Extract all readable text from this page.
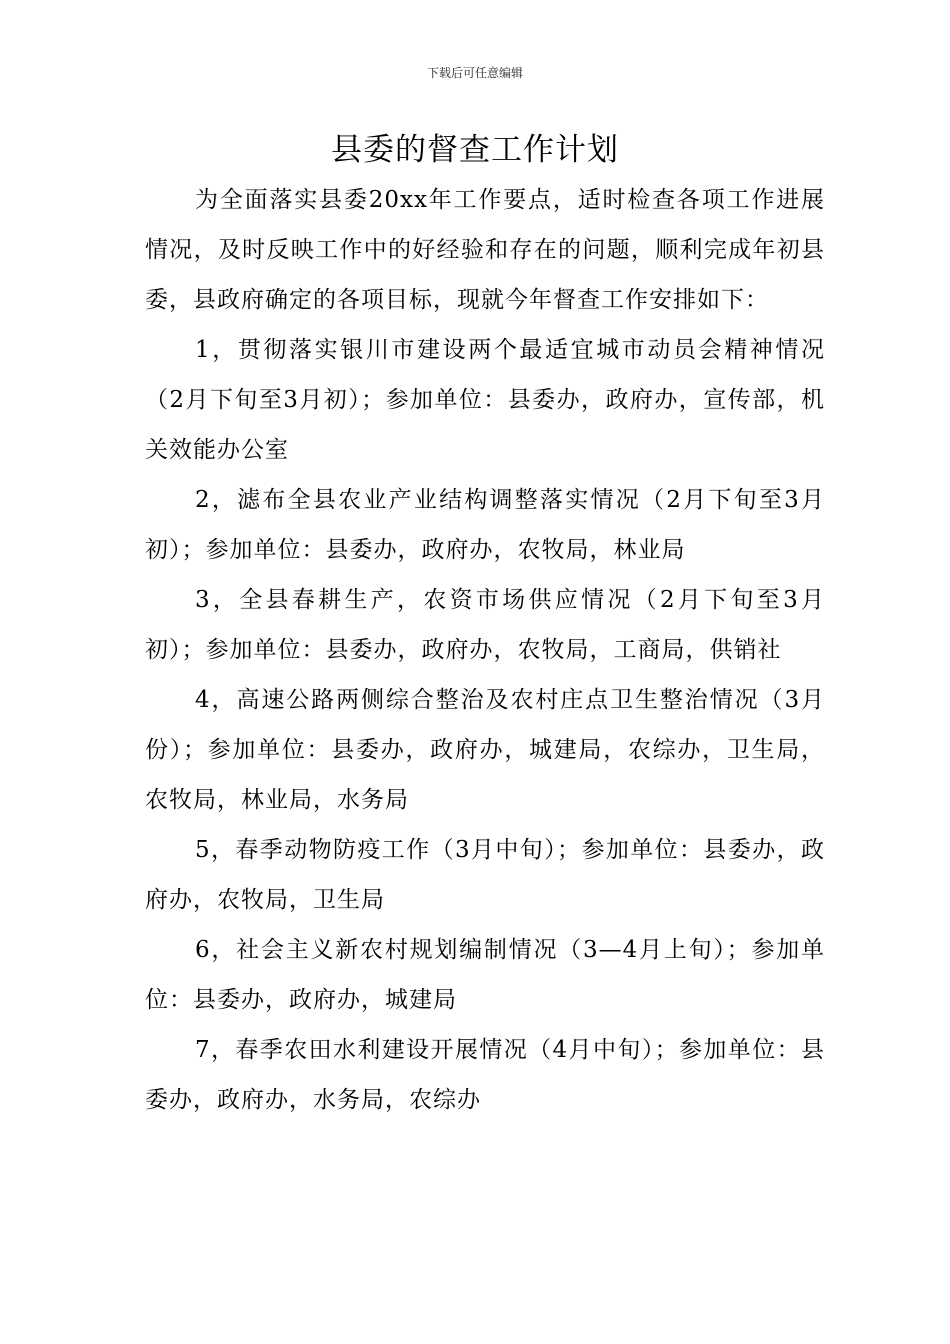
下载后可任意编辑
县委的督查工作计划

为全面落实县委20xx年工作要点，适时检查各项工作进展情况，及时反映工作中的好经验和存在的问题，顺利完成年初县委，县政府确定的各项目标，现就今年督查工作安排如下：

1，贯彻落实银川市建设两个最适宜城市动员会精神情况（2月下旬至3月初）；参加单位：县委办，政府办，宣传部，机关效能办公室

2，滤布全县农业产业结构调整落实情况（2月下旬至3月初）；参加单位：县委办，政府办，农牧局，林业局

3，全县春耕生产，农资市场供应情况（2月下旬至3月初）；参加单位：县委办，政府办，农牧局，工商局，供销社

4，高速公路两侧综合整治及农村庄点卫生整治情况（3月份）；参加单位：县委办，政府办，城建局，农综办，卫生局，农牧局，林业局，水务局

5，春季动物防疫工作（3月中旬）；参加单位：县委办，政府办，农牧局，卫生局

6，社会主义新农村规划编制情况（3—4月上旬）；参加单位：县委办，政府办，城建局

7，春季农田水利建设开展情况（4月中旬）；参加单位：县委办，政府办，水务局，农综办
